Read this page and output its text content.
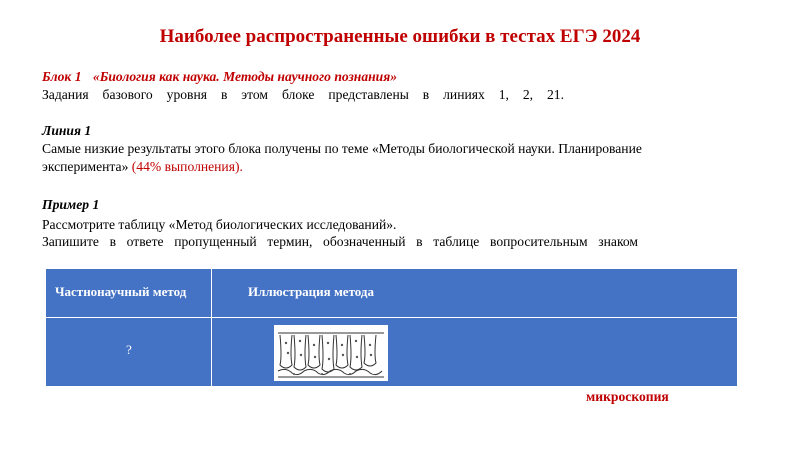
Наиболее распространенные ошибки в тестах ЕГЭ 2024
Блок 1 «Биология как наука. Методы научного познания»
Задания базового уровня в этом блоке представлены в линиях 1, 2, 21.
Линия 1
Самые низкие результаты этого блока получены по теме «Методы биологической науки. Планирование
эксперимента» (44% выполнения).
Пример 1
Рассмотрите таблицу «Метод биологических исследований».
Запишите в ответе пропущенный термин, обозначенный в таблице вопросительным знаком
Частнонаучный метод	Иллюстрация метода
?
микроскопия
